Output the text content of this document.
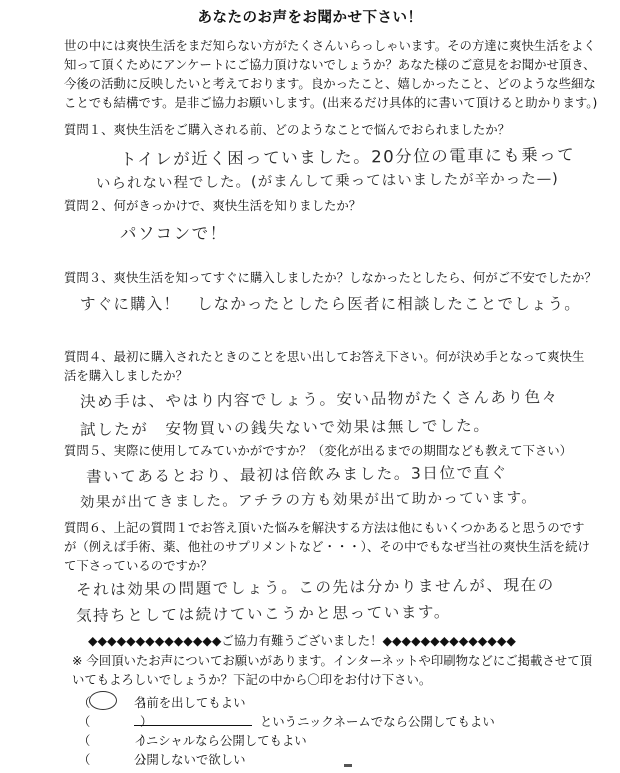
あなたのお声をお聞かせ下さい！
世の中には爽快生活をまだ知らない方がたくさんいらっしゃいます。その方達に爽快生活をよく
知って頂くためにアンケートにご協力頂けないでしょうか？あなた様のご意見をお聞かせ頂き、
今後の活動に反映したいと考えております。良かったこと、嬉しかったこと、どのような些細な
ことでも結構です。是非ご協力お願いします。(出来るだけ具体的に書いて頂けると助かります。)
質問１、爽快生活をご購入される前、どのようなことで悩んでおられましたか？
トイレが近く困っていました。20分位の電車にも乗って
いられない程でした。(がまんして乗ってはいましたが辛かった—)
質問２、何がきっかけで、爽快生活を知りましたか？
パソコンで！
質問３、爽快生活を知ってすぐに購入しましたか？しなかったとしたら、何がご不安でしたか？
すぐに購入！　しなかったとしたら医者に相談したことでしょう。
質問４、最初に購入されたときのことを思い出してお答え下さい。何が決め手となって爽快生
活を購入しましたか？
決め手は、やはり内容でしょう。安い品物がたくさんあり色々
試したが　安物買いの銭失ないで効果は無しでした。
質問５、実際に使用してみていかがですか？（変化が出るまでの期間なども教えて下さい）
書いてあるとおり、最初は倍飲みました。3日位で直ぐ
効果が出てきました。アチラの方も効果が出て助かっています。
質問６、上記の質問１でお答え頂いた悩みを解決する方法は他にもいくつかあると思うのです
が（例えば手術、薬、他社のサプリメントなど・・・）、その中でもなぜ当社の爽快生活を続け
て下さっているのですか？
それは効果の問題でしょう。この先は分かりませんが、現在の
気持ちとしては続けていこうかと思っています。
◆◆◆◆◆◆◆◆◆◆◆◆◆◆ご協力有難うございました！◆◆◆◆◆◆◆◆◆◆◆◆◆◆
※ 今回頂いたお声についてお願いがあります。インターネットや印刷物などにご掲載させて頂
いてもよろしいでしょうか？下記の中から〇印をお付け下さい。
（　　　　） 名前を出してもよい
（　　　　）	というニックネームでなら公開してもよい
（　　　　） イニシャルなら公開してもよい
（　　　　） 公開しないで欲しい
